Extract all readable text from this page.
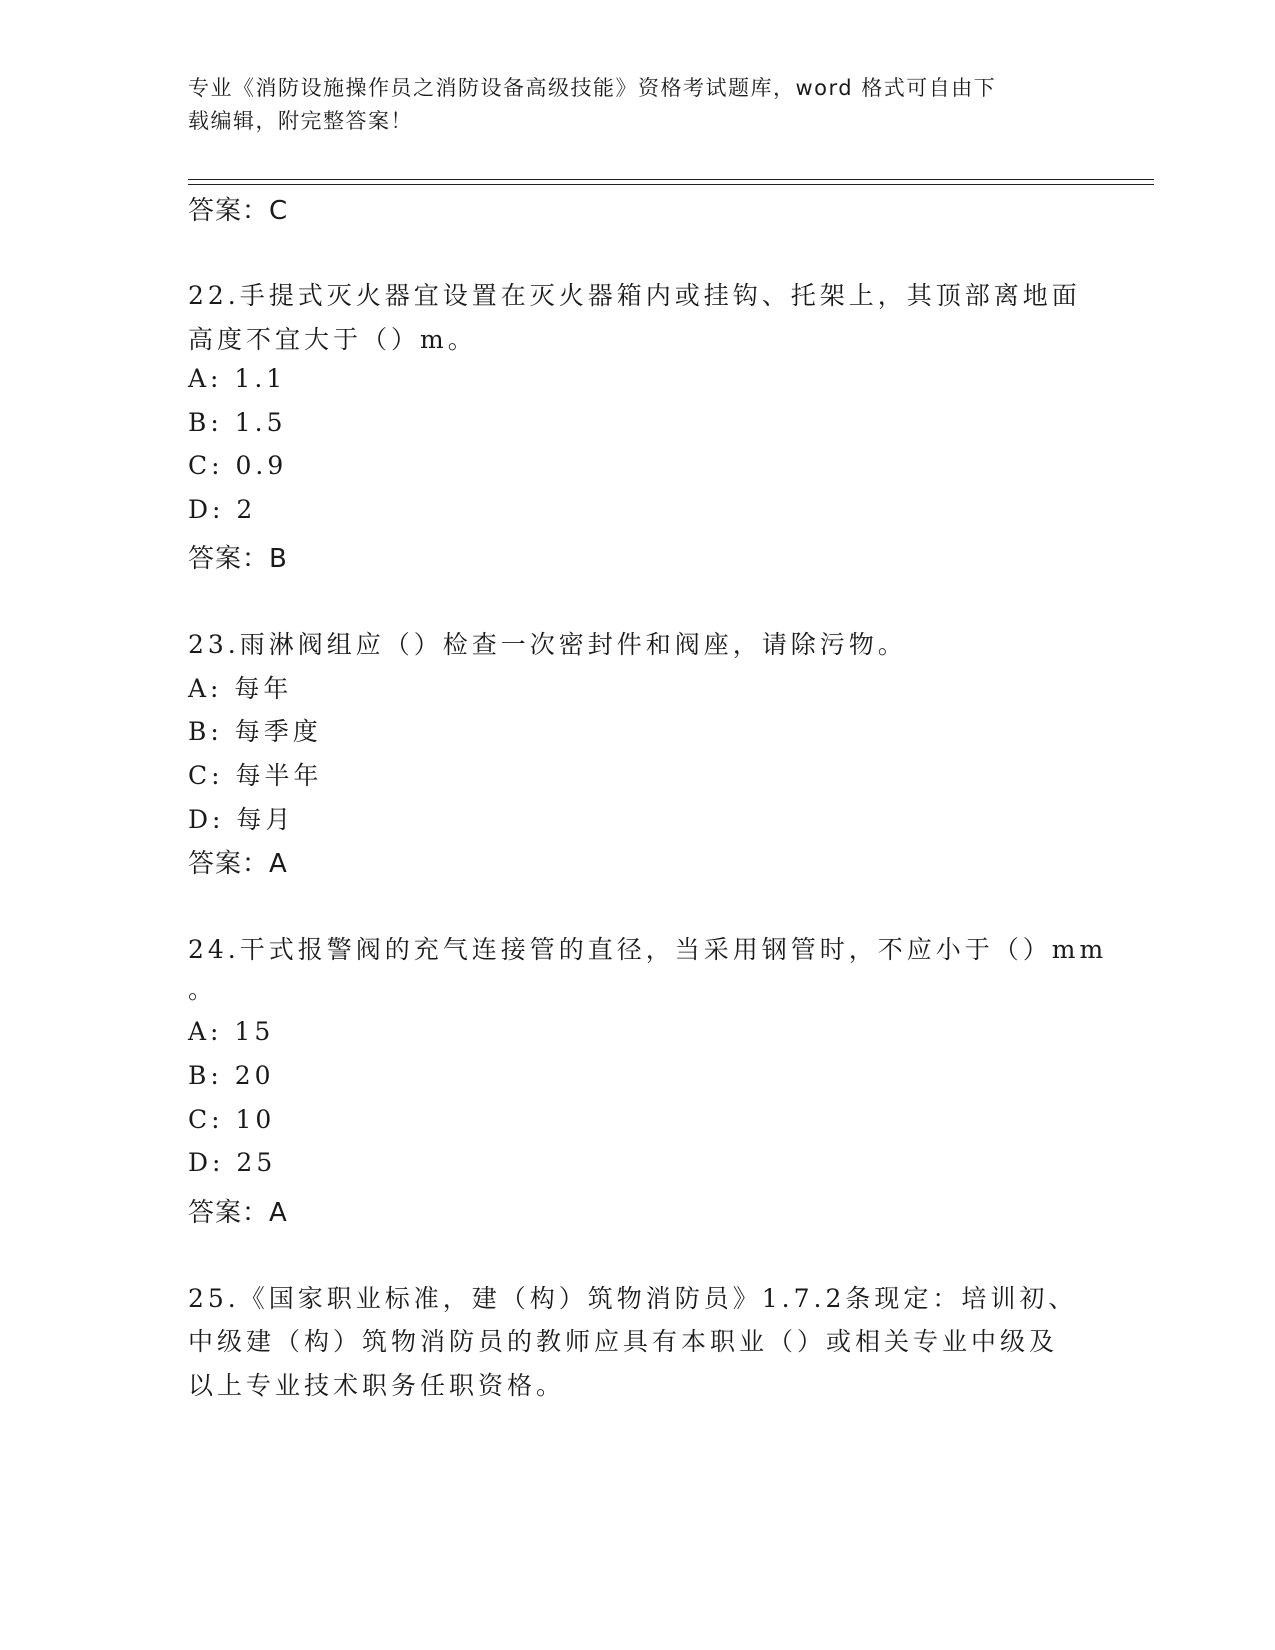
专业《消防设施操作员之消防设备高级技能》资格考试题库，word 格式可自由下
载编辑，附完整答案！
答案：C
22.手提式灭火器宜设置在灭火器箱内或挂钩、托架上，其顶部离地面
高度不宜大于（）m。
A: 1.1
B: 1.5
C: 0.9
D: 2
答案：B
23.雨淋阀组应（）检查一次密封件和阀座，请除污物。
A: 每年
B: 每季度
C: 每半年
D: 每月
答案：A
24.干式报警阀的充气连接管的直径，当采用钢管时，不应小于（）mm
。
A: 15
B: 20
C: 10
D: 25
答案：A
25.《国家职业标准，建（构）筑物消防员》1.7.2条现定：培训初、
中级建（构）筑物消防员的教师应具有本职业（）或相关专业中级及
以上专业技术职务任职资格。
